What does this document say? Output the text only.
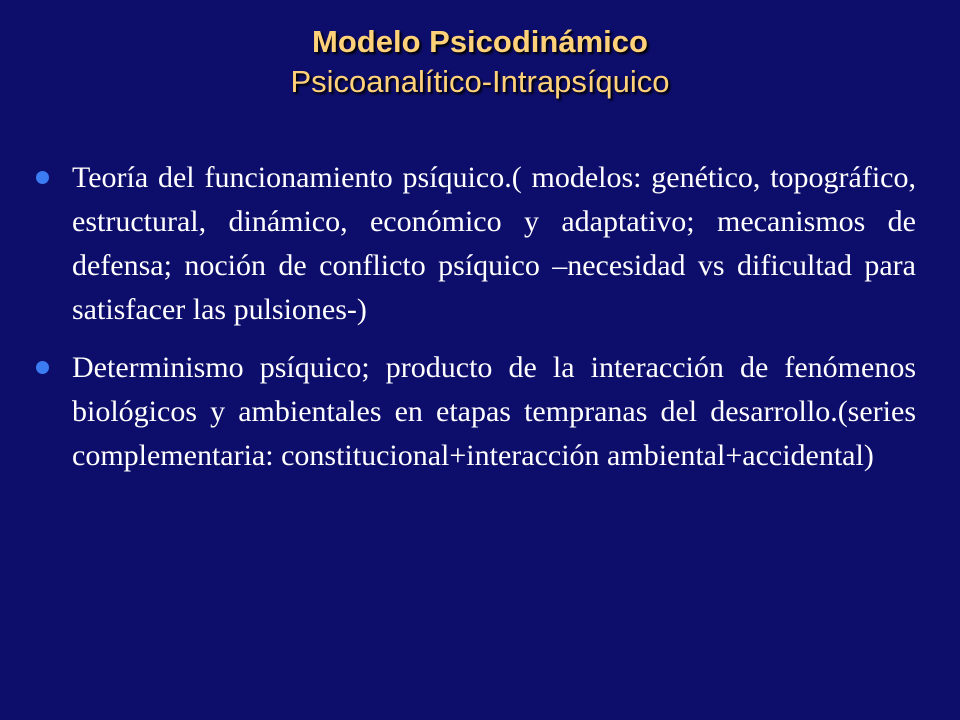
Modelo Psicodinámico
Psicoanalítico-Intrapsíquico
Teoría del funcionamiento psíquico.( modelos: genético, topográfico, estructural, dinámico, económico y adaptativo; mecanismos de defensa; noción de conflicto psíquico –necesidad vs dificultad para satisfacer las pulsiones-)
Determinismo psíquico; producto de la interacción de fenómenos biológicos y ambientales en etapas tempranas del desarrollo.(series complementaria: constitucional+interacción ambiental+accidental)
